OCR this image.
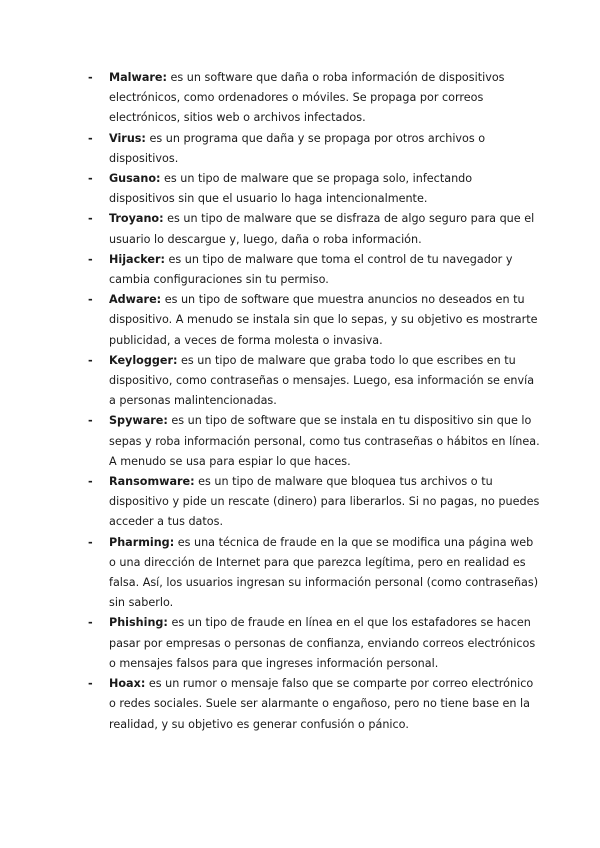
- Malware: es un software que daña o roba información de dispositivos electrónicos, como ordenadores o móviles. Se propaga por correos electrónicos, sitios web o archivos infectados.
- Virus: es un programa que daña y se propaga por otros archivos o dispositivos.
- Gusano: es un tipo de malware que se propaga solo, infectando dispositivos sin que el usuario lo haga intencionalmente.
- Troyano: es un tipo de malware que se disfraza de algo seguro para que el usuario lo descargue y, luego, daña o roba información.
- Hijacker: es un tipo de malware que toma el control de tu navegador y cambia configuraciones sin tu permiso.
- Adware: es un tipo de software que muestra anuncios no deseados en tu dispositivo. A menudo se instala sin que lo sepas, y su objetivo es mostrarte publicidad, a veces de forma molesta o invasiva.
- Keylogger: es un tipo de malware que graba todo lo que escribes en tu dispositivo, como contraseñas o mensajes. Luego, esa información se envía a personas malintencionadas.
- Spyware: es un tipo de software que se instala en tu dispositivo sin que lo sepas y roba información personal, como tus contraseñas o hábitos en línea. A menudo se usa para espiar lo que haces.
- Ransomware: es un tipo de malware que bloquea tus archivos o tu dispositivo y pide un rescate (dinero) para liberarlos. Si no pagas, no puedes acceder a tus datos.
- Pharming: es una técnica de fraude en la que se modifica una página web o una dirección de Internet para que parezca legítima, pero en realidad es falsa. Así, los usuarios ingresan su información personal (como contraseñas) sin saberlo.
- Phishing: es un tipo de fraude en línea en el que los estafadores se hacen pasar por empresas o personas de confianza, enviando correos electrónicos o mensajes falsos para que ingreses información personal.
- Hoax: es un rumor o mensaje falso que se comparte por correo electrónico o redes sociales. Suele ser alarmante o engañoso, pero no tiene base en la realidad, y su objetivo es generar confusión o pánico.
